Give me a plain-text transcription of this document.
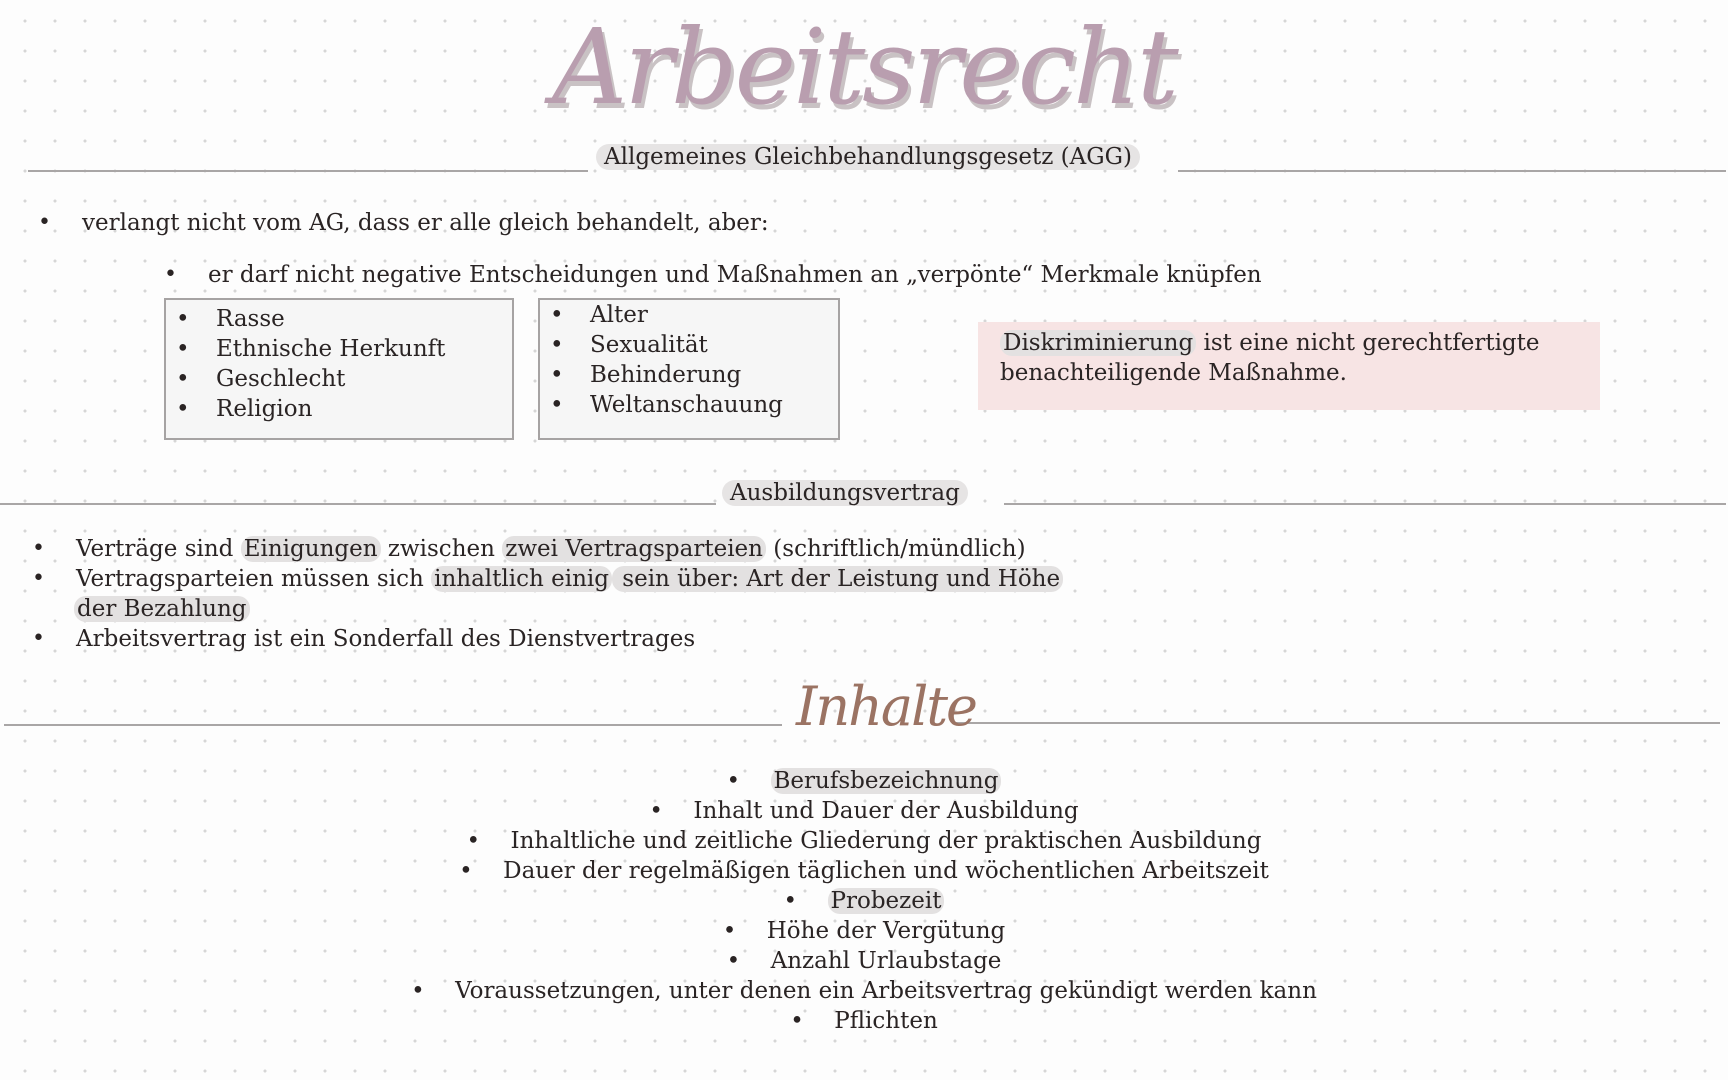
Arbeitsrecht
Allgemeines Gleichbehandlungsgesetz (AGG)
• verlangt nicht vom AG, dass er alle gleich behandelt, aber:
• er darf nicht negative Entscheidungen und Maßnahmen an „verpönte“ Merkmale knüpfen
• Rasse
• Ethnische Herkunft
• Geschlecht
• Religion
• Alter
• Sexualität
• Behinderung
• Weltanschauung
Diskriminierung ist eine nicht gerechtfertigte benachteiligende Maßnahme.
Ausbildungsvertrag
• Verträge sind Einigungen zwischen zwei Vertragsparteien (schriftlich/mündlich)
• Vertragsparteien müssen sich inhaltlich einig sein über: Art der Leistung und Höhe
der Bezahlung
• Arbeitsvertrag ist ein Sonderfall des Dienstvertrages
Inhalte
• Berufsbezeichnung
• Inhalt und Dauer der Ausbildung
• Inhaltliche und zeitliche Gliederung der praktischen Ausbildung
• Dauer der regelmäßigen täglichen und wöchentlichen Arbeitszeit
• Probezeit
• Höhe der Vergütung
• Anzahl Urlaubstage
• Voraussetzungen, unter denen ein Arbeitsvertrag gekündigt werden kann
• Pflichten
